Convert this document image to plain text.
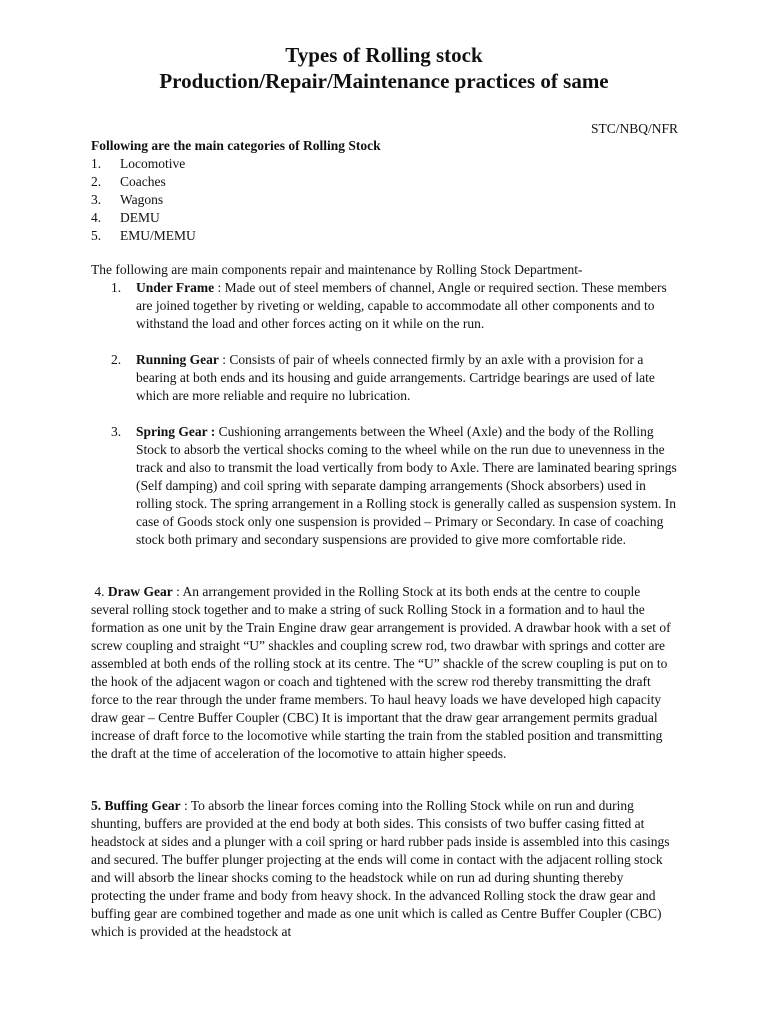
Types of Rolling stock
Production/Repair/Maintenance practices of same
STC/NBQ/NFR
Following are the main categories of Rolling Stock
1.	Locomotive
2.	Coaches
3.	Wagons
4.	DEMU
5.	EMU/MEMU
The following are main components repair and maintenance by Rolling Stock Department-
1.	Under Frame : Made out of steel members of channel, Angle or required section. These members are joined together by riveting or welding, capable to accommodate all other components and to withstand the load and other forces acting on it while on the run.
2.	Running Gear : Consists of pair of wheels connected firmly by an axle with a provision for a bearing at both ends and its housing and guide arrangements. Cartridge bearings are used of late which are more reliable and require no lubrication.
3.	Spring Gear : Cushioning arrangements between the Wheel (Axle) and the body of the Rolling Stock to absorb the vertical shocks coming to the wheel while on the run due to unevenness in the track and also to transmit the load vertically from body to Axle. There are laminated bearing springs (Self damping) and coil spring with separate damping arrangements (Shock absorbers) used in rolling stock. The spring arrangement in a Rolling stock is generally called as suspension system. In case of Goods stock only one suspension is provided – Primary or Secondary. In case of coaching stock both primary and secondary suspensions are provided to give more comfortable ride.
4. Draw Gear : An arrangement provided in the Rolling Stock at its both ends at the centre to couple several rolling stock together and to make a string of suck Rolling Stock in a formation and to haul the formation as one unit by the Train Engine draw gear arrangement is provided. A drawbar hook with a set of screw coupling and straight “U” shackles and coupling screw rod, two drawbar with springs and cotter are assembled at both ends of the rolling stock at its centre. The “U” shackle of the screw coupling is put on to the hook of the adjacent wagon or coach and tightened with the screw rod thereby transmitting the draft force to the rear through the under frame members. To haul heavy loads we have developed high capacity draw gear – Centre Buffer Coupler (CBC) It is important that the draw gear arrangement permits gradual increase of draft force to the locomotive while starting the train from the stabled position and transmitting the draft at the time of acceleration of the locomotive to attain higher speeds.
5. Buffing Gear : To absorb the linear forces coming into the Rolling Stock while on run and during shunting, buffers are provided at the end body at both sides. This consists of two buffer casing fitted at headstock at sides and a plunger with a coil spring or hard rubber pads inside is assembled into this casings and secured. The buffer plunger projecting at the ends will come in contact with the adjacent rolling stock and will absorb the linear shocks coming to the headstock while on run ad during shunting thereby protecting the under frame and body from heavy shock. In the advanced Rolling stock the draw gear and buffing gear are combined together and made as one unit which is called as Centre Buffer Coupler (CBC) which is provided at the headstock at
